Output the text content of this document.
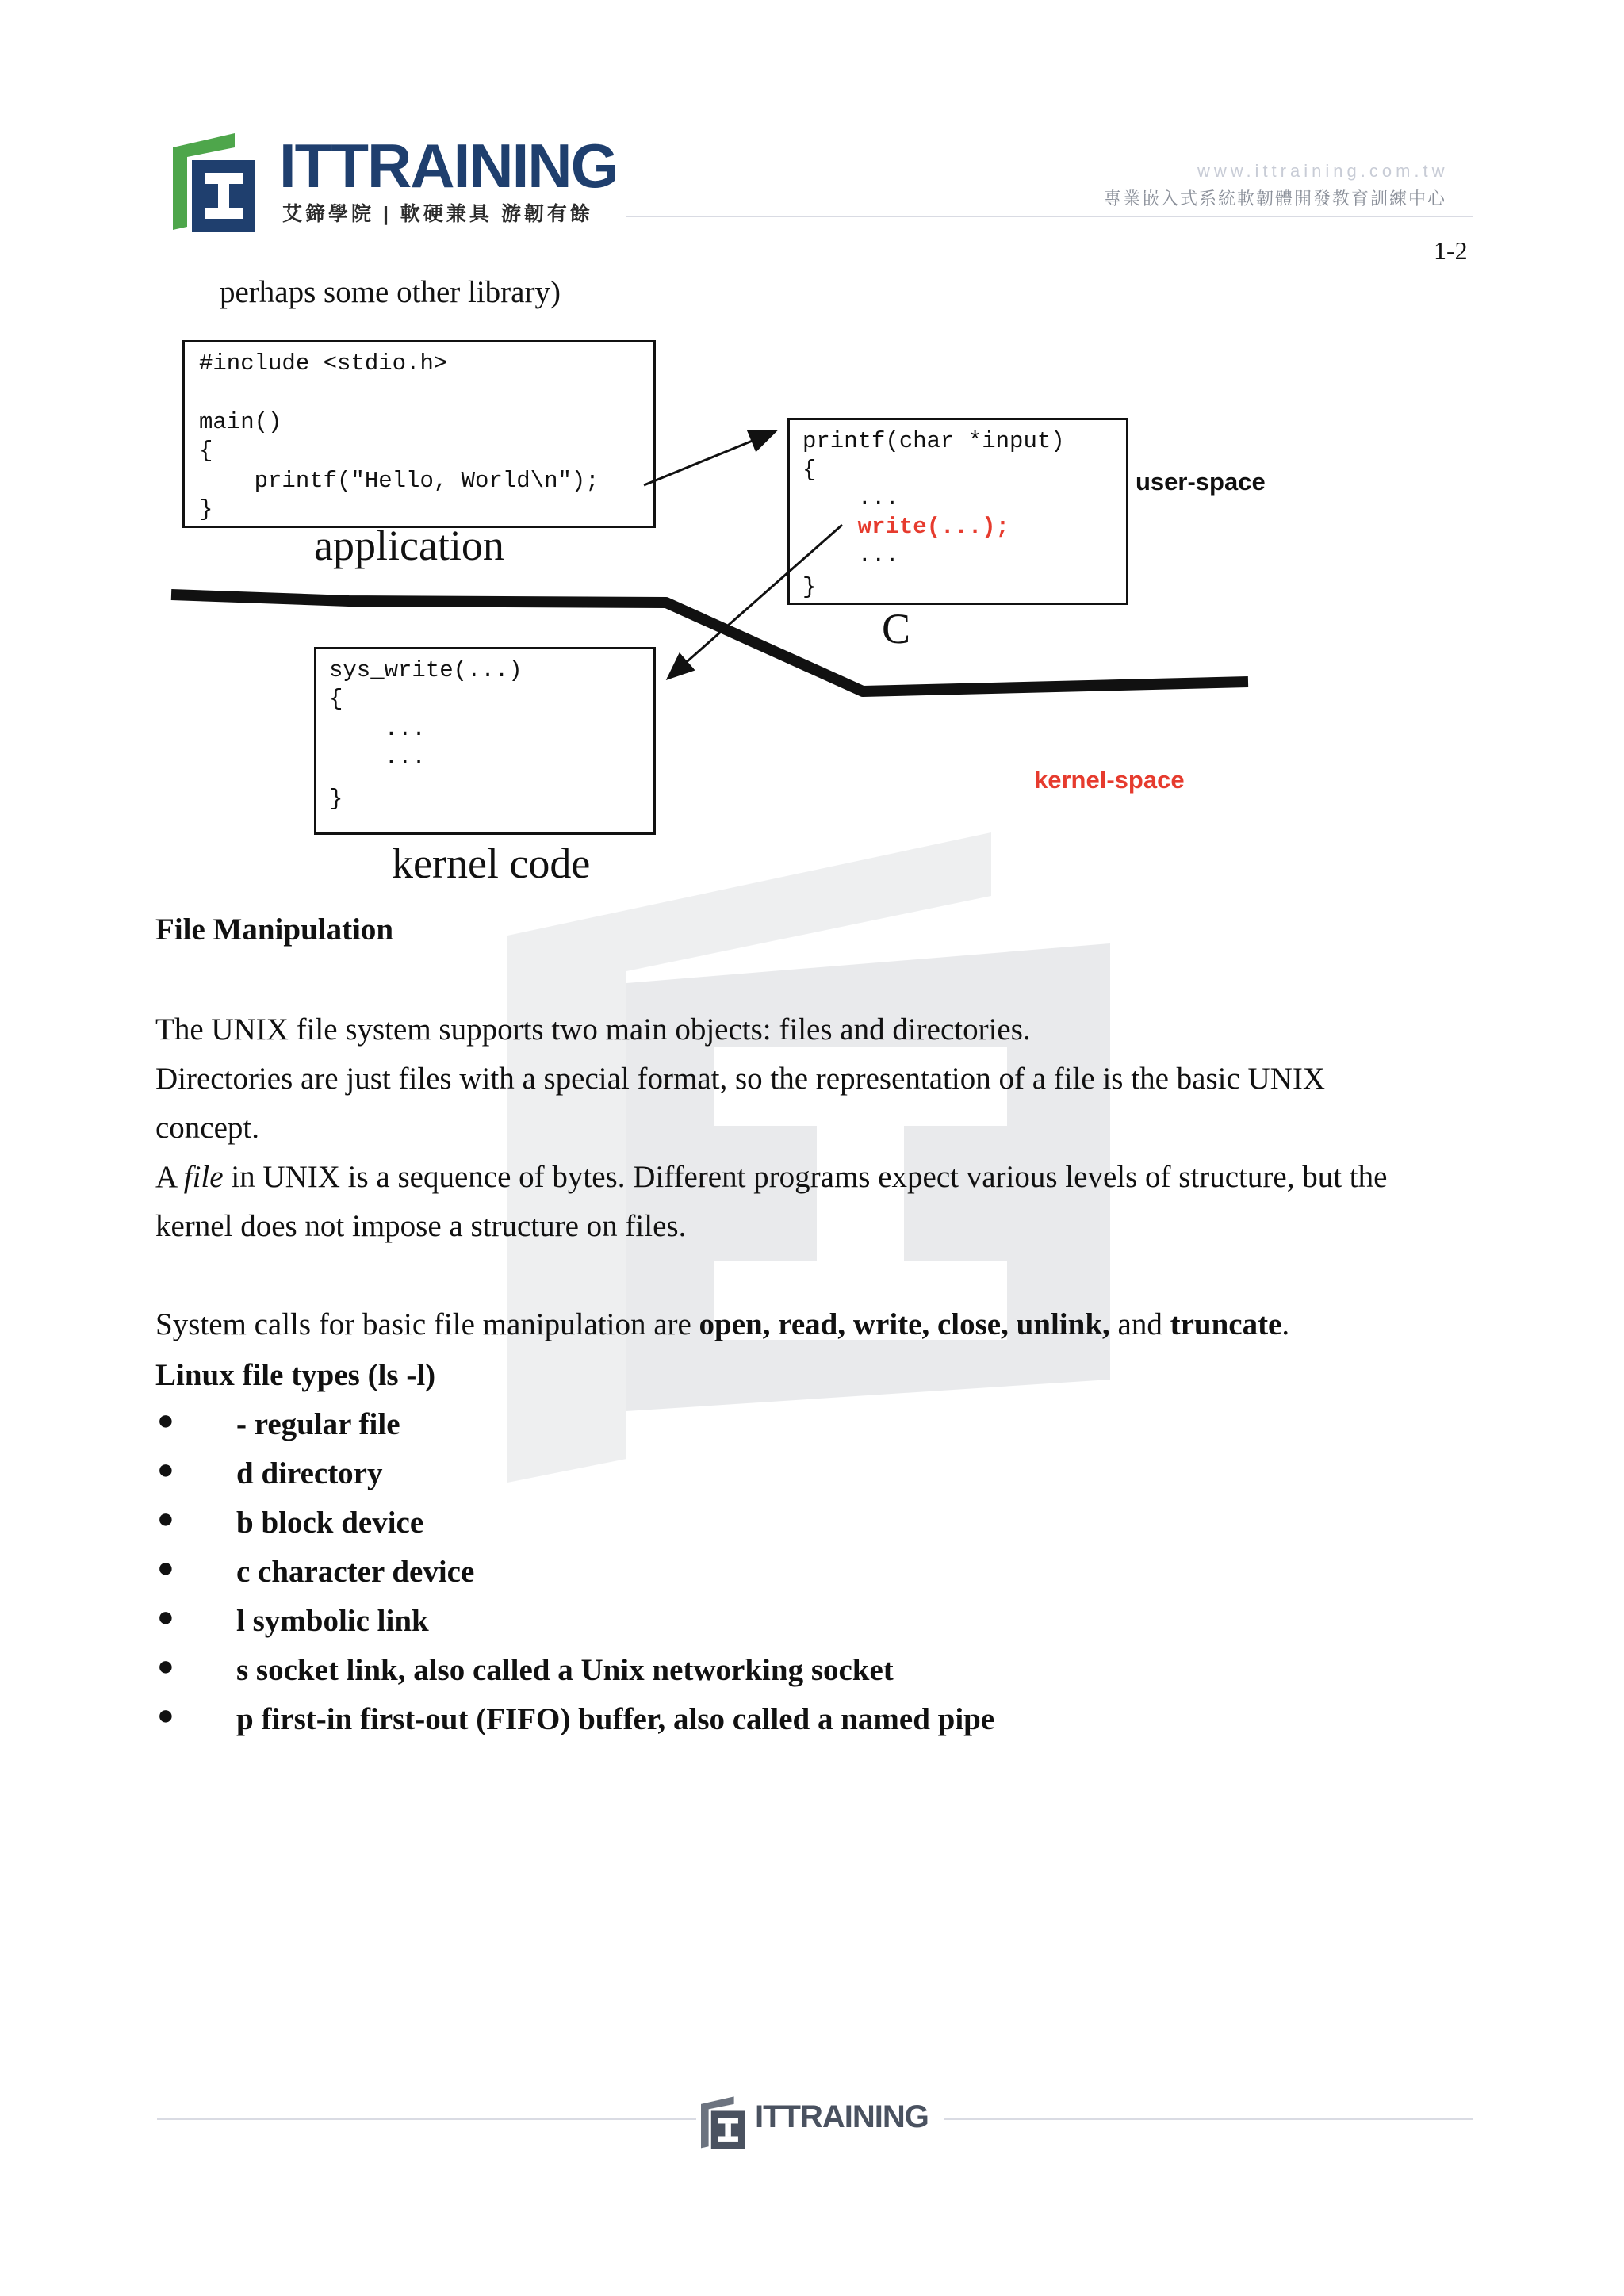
ITTRAINING
艾鍗學院 | 軟硬兼具 游韌有餘
www.ittraining.com.tw
專業嵌入式系統軟韌體開發教育訓練中心
1-2
perhaps some other library)
#include <stdio.h>
main()
{
printf("Hello, World\n");
}
application
printf(char *input)
{
...
write(...);
...
}
user-space
C
sys_write(...)
{
...
...
}
kernel code
kernel-space
File Manipulation
The UNIX file system supports two main objects: files and directories.
Directories are just files with a special format, so the representation of a file is the basic UNIX
concept.
A file in UNIX is a sequence of bytes. Different programs expect various levels of structure, but the
kernel does not impose a structure on files.
System calls for basic file manipulation are open, read, write, close, unlink, and truncate.
Linux file types (ls -l)
● - regular file
● d directory
● b block device
● c character device
● l symbolic link
● s socket link, also called a Unix networking socket
● p first-in first-out (FIFO) buffer, also called a named pipe
ITTRAINING
